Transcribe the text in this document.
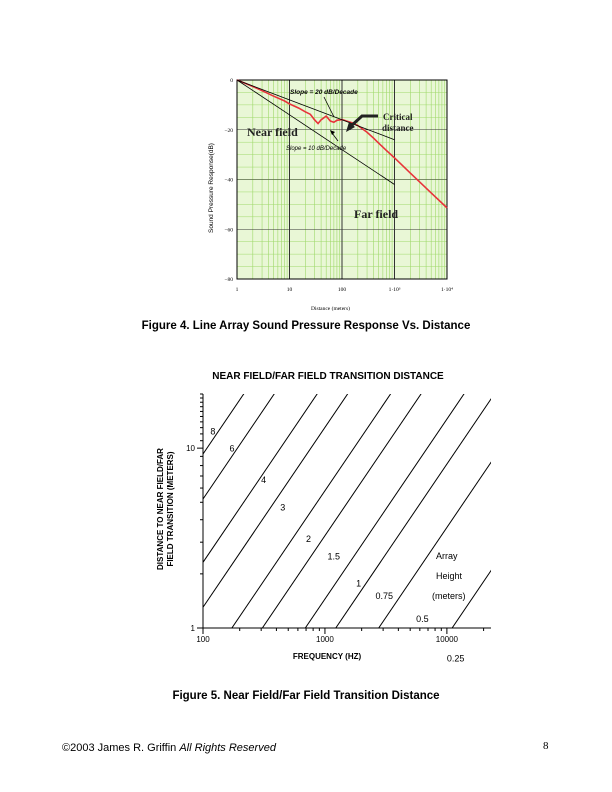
1	10	100	1·10³	1·10⁴
0
−20
−40
−60
−80
Slope = 20 dB/Decade
Slope = 10 dB/Decade
Near field
Far field
Critical
distance
Sound Pressure Response(dB)
Distance (meters)
Figure 4. Line Array Sound Pressure Response Vs. Distance
NEAR FIELD/FAR FIELD TRANSITION DISTANCE
100	1000	10000
1
10
8
6
4
3
2
1.5
1
0.75
0.5
0.25
Array
Height
(meters)
FREQUENCY (HZ)
DISTANCE TO NEAR FIELD/FAR FIELD TRANSITION (METERS)
Figure 5. Near Field/Far Field Transition Distance
©2003 James R. Griffin All Rights Reserved	8
